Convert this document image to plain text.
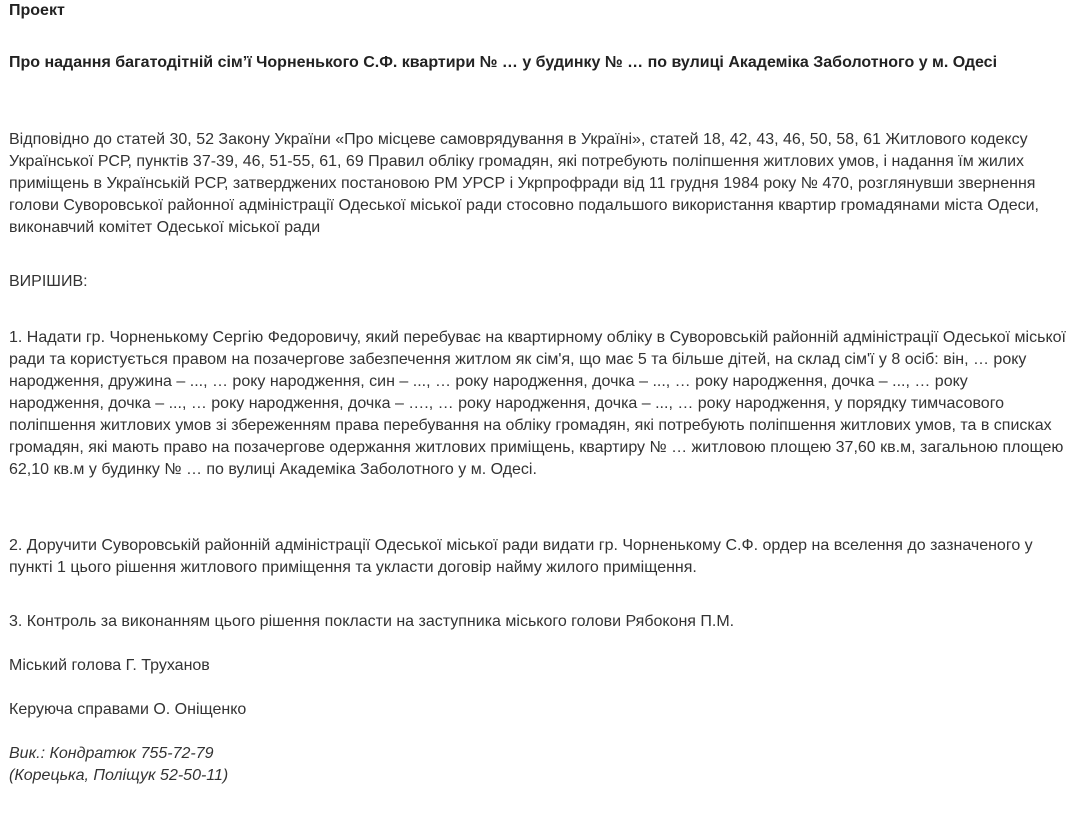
Проект
Про надання багатодітній сім’ї Чорненького С.Ф. квартири № … у будинку № … по вулиці Академіка Заболотного у м. Одесі
Відповідно до статей 30, 52 Закону України «Про місцеве самоврядування в Україні», статей 18, 42, 43, 46, 50, 58, 61 Житлового кодексу Української РСР, пунктів 37-39, 46, 51-55, 61, 69 Правил обліку громадян, які потребують поліпшення житлових умов, і надання їм жилих приміщень в Українській РСР, затверджених постановою РМ УРСР і Укрпрофради від 11 грудня 1984 року № 470, розглянувши звернення голови Суворовської районної адміністрації Одеської міської ради стосовно подальшого використання квартир громадянами міста Одеси, виконавчий комітет Одеської міської ради
ВИРІШИВ:
1. Надати гр. Чорненькому Сергію Федоровичу, який перебуває на квартирному обліку в Суворовській районній адміністрації Одеської міської ради та користується правом на позачергове забезпечення житлом як сім'я, що має 5 та більше дітей, на склад сім'ї у 8 осіб: він, … року народження, дружина – ..., … року народження, син – ..., … року народження, дочка – ..., … року народження, дочка – ..., … року народження, дочка – ..., … року народження, дочка – …., … року народження, дочка – ..., … року народження, у порядку тимчасового поліпшення житлових умов зі збереженням права перебування на обліку громадян, які потребують поліпшення житлових умов, та в списках громадян, які мають право на позачергове одержання житлових приміщень, квартиру № … житловою площею 37,60 кв.м, загальною площею 62,10 кв.м у будинку № … по вулиці Академіка Заболотного у м. Одесі.
2. Доручити Суворовській районній адміністрації Одеської міської ради видати гр. Чорненькому С.Ф. ордер на вселення до зазначеного у пункті 1 цього рішення житлового приміщення та укласти договір найму жилого приміщення.
3. Контроль за виконанням цього рішення покласти на заступника міського голови Рябоконя П.М.
Міський голова Г. Труханов
Керуюча справами О. Оніщенко
Вик.: Кондратюк 755-72-79
(Корецька, Поліщук 52-50-11)
